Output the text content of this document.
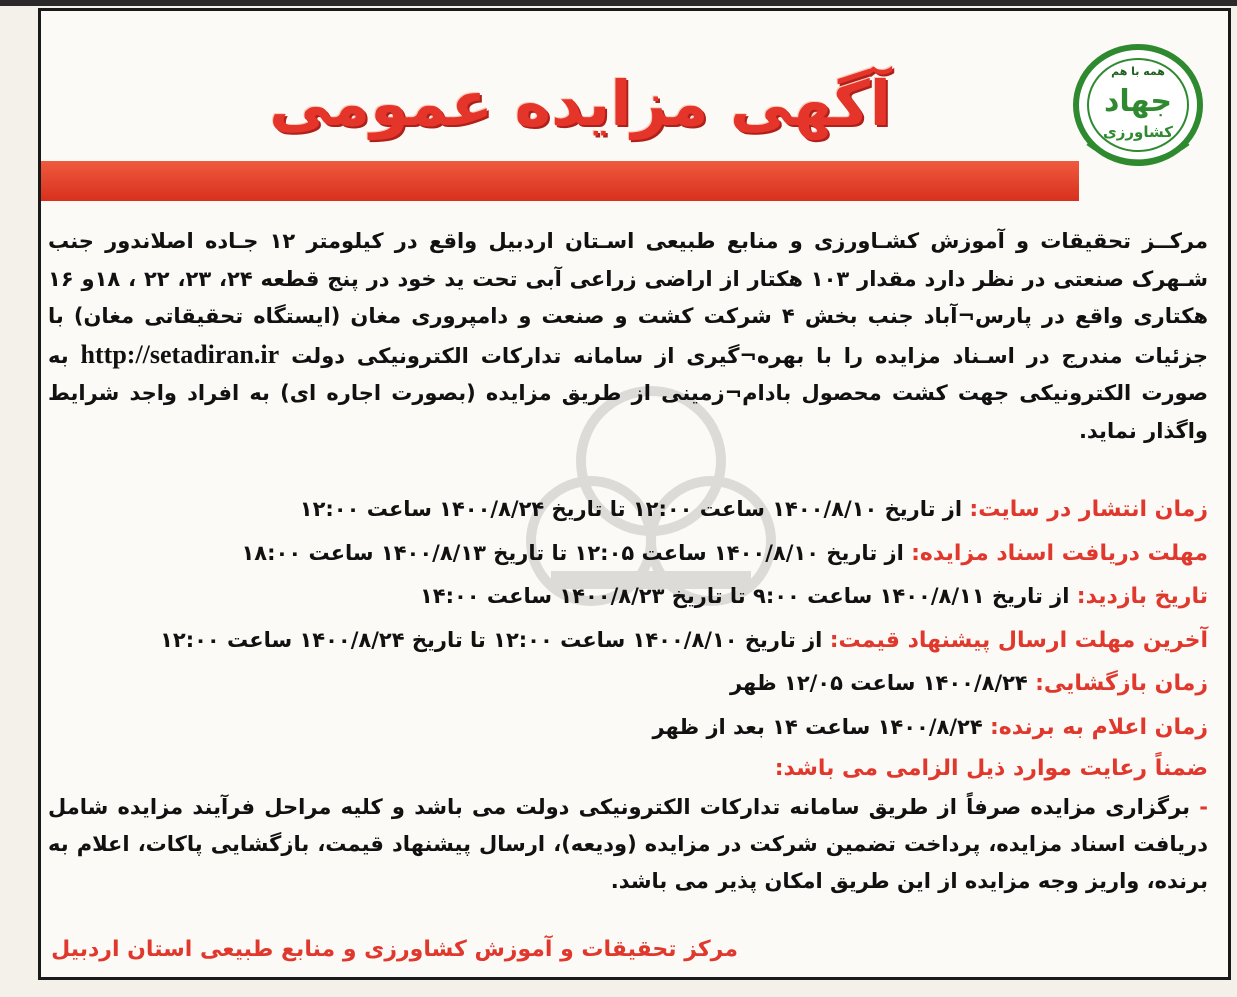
آگهی مزایده عمومی	همه با هم
جهاد
کشاورزی
مرکــز تحقیقات و آموزش کشـاورزی و منابع طبیعی اسـتان اردبیل واقع در کیلومتر ۱۲ جـاده اصلاندور جنب شـهرک صنعتی در نظر دارد مقدار ۱۰۳ هکتار از اراضی زراعی آبی تحت ید خود در پنج قطعه ۲۴، ۲۳، ۲۲ ، ۱۸و ۱۶ هکتاری واقع در پارس¬آباد جنب بخش ۴ شرکت کشت و صنعت و دامپروری مغان (ایستگاه تحقیقاتی مغان) با جزئیات مندرج در اسـناد مزایده را با بهره¬گیری از سامانه تدارکات الکترونیکی دولت http://setadiran.ir به صورت الکترونیکی جهت کشت محصول بادام¬زمینی از طریق مزایده (بصورت اجاره ای) به افراد واجد شرایط واگذار نماید.
زمان انتشار در سایت: از تاریخ ۱۴۰۰/۸/۱۰ ساعت ۱۲:۰۰ تا تاریخ ۱۴۰۰/۸/۲۴ ساعت ۱۲:۰۰
مهلت دریافت اسناد مزایده: از تاریخ ۱۴۰۰/۸/۱۰ ساعت ۱۲:۰۵ تا تاریخ ۱۴۰۰/۸/۱۳ ساعت ۱۸:۰۰
تاریخ بازدید: از تاریخ ۱۴۰۰/۸/۱۱ ساعت ۹:۰۰ تا تاریخ ۱۴۰۰/۸/۲۳ ساعت ۱۴:۰۰
آخرین مهلت ارسال پیشنهاد قیمت: از تاریخ ۱۴۰۰/۸/۱۰ ساعت ۱۲:۰۰ تا تاریخ ۱۴۰۰/۸/۲۴ ساعت ۱۲:۰۰
زمان بازگشایی: ۱۴۰۰/۸/۲۴ ساعت ۱۲/۰۵ ظهر
زمان اعلام به برنده: ۱۴۰۰/۸/۲۴ ساعت ۱۴ بعد از ظهر
ضمناً رعایت موارد ذیل الزامی می باشد:
- برگزاری مزایده صرفاً از طریق سامانه تدارکات الکترونیکی دولت می باشد و کلیه مراحل فرآیند مزایده شامل دریافت اسناد مزایده، پرداخت تضمین شرکت در مزایده (ودیعه)، ارسال پیشنهاد قیمت، بازگشایی پاکات، اعلام به برنده، واریز وجه مزایده از این طریق امکان پذیر می باشد.
مرکز تحقیقات و آموزش کشاورزی و منابع طبیعی استان اردبیل
